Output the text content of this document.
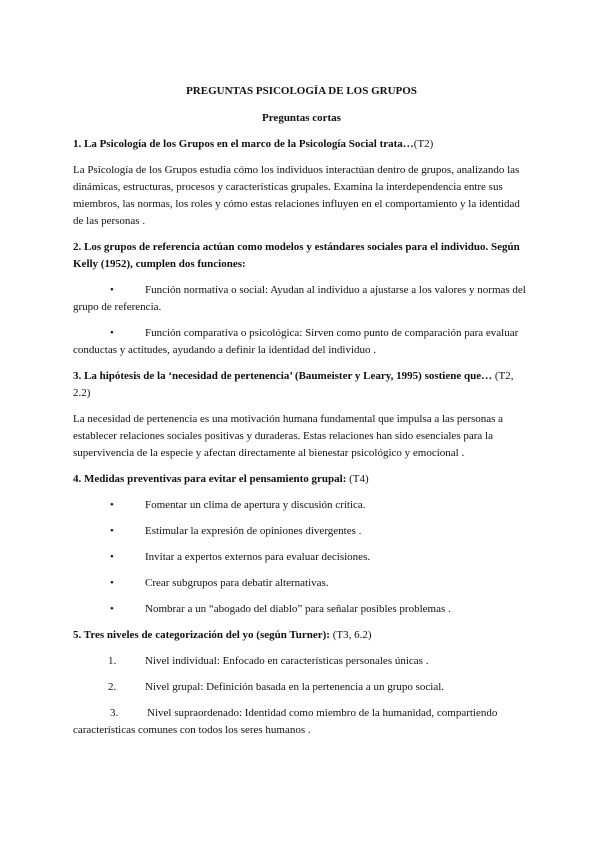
PREGUNTAS PSICOLOGÍA DE LOS GRUPOS
Preguntas cortas
1. La Psicología de los Grupos en el marco de la Psicología Social trata…(T2)
La Psicología de los Grupos estudia cómo los individuos interactúan dentro de grupos, analizando las dinámicas, estructuras, procesos y características grupales. Examina la interdependencia entre sus miembros, las normas, los roles y cómo estas relaciones influyen en el comportamiento y la identidad de las personas .
2. Los grupos de referencia actúan como modelos y estándares sociales para el individuo. Según Kelly (1952), cumplen dos funciones:
•	Función normativa o social: Ayudan al individuo a ajustarse a los valores y normas del grupo de referencia.
•	Función comparativa o psicológica: Sirven como punto de comparación para evaluar conductas y actitudes, ayudando a definir la identidad del individuo .
3. La hipótesis de la ‘necesidad de pertenencia’ (Baumeister y Leary, 1995) sostiene que… (T2, 2.2)
La necesidad de pertenencia es una motivación humana fundamental que impulsa a las personas a establecer relaciones sociales positivas y duraderas. Estas relaciones han sido esenciales para la supervivencia de la especie y afectan directamente al bienestar psicológico y emocional .
4. Medidas preventivas para evitar el pensamiento grupal: (T4)
•	Fomentar un clima de apertura y discusión crítica.
•	Estimular la expresión de opiniones divergentes .
•	Invitar a expertos externos para evaluar decisiones.
•	Crear subgrupos para debatir alternativas.
•	Nombrar a un “abogado del diablo” para señalar posibles problemas .
5. Tres niveles de categorización del yo (según Turner): (T3, 6.2)
1.	Nivel individual: Enfocado en características personales únicas .
2.	Nivel grupal: Definición basada en la pertenencia a un grupo social.
3.	Nivel supraordenado: Identidad como miembro de la humanidad, compartiendo características comunes con todos los seres humanos .
